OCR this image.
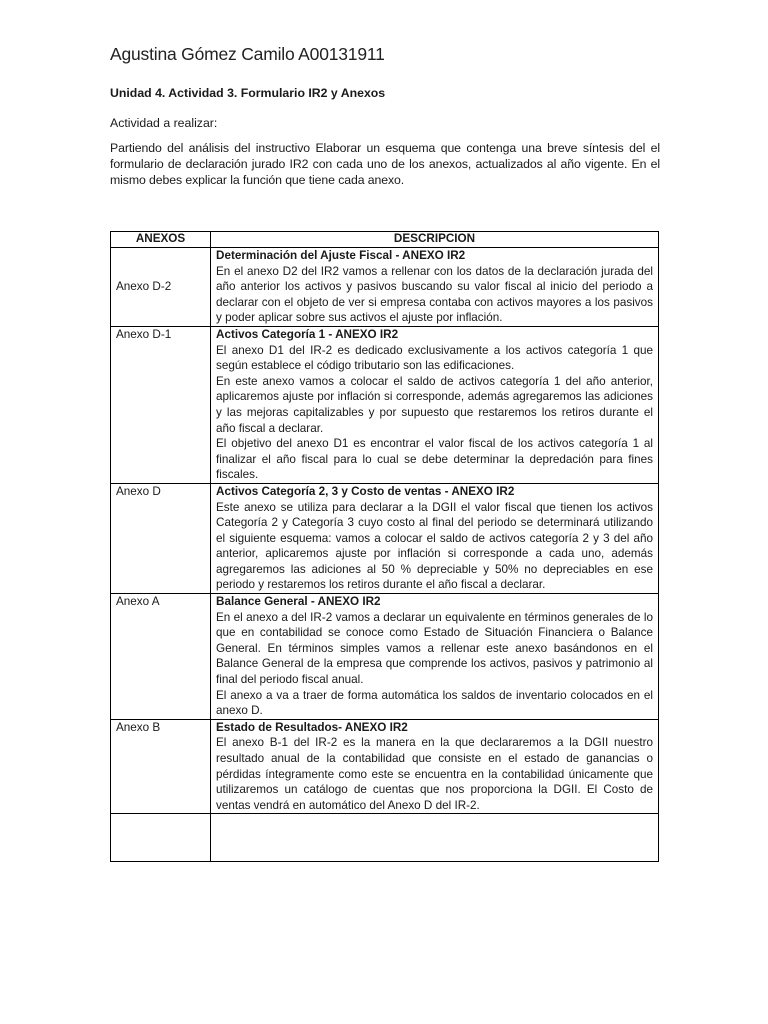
Agustina Gómez Camilo A00131911
Unidad 4. Actividad 3. Formulario IR2 y Anexos
Actividad a realizar:
Partiendo del análisis del instructivo Elaborar un esquema que contenga una breve síntesis del el formulario de declaración jurado IR2 con cada uno de los anexos, actualizados al año vigente. En el mismo debes explicar la función que tiene cada anexo.
ANEXOS	DESCRIPCION
Anexo D-2	Determinación del Ajuste Fiscal - ANEXO IR2

En el anexo D2 del IR2 vamos a rellenar con los datos de la declaración jurada del año anterior los activos y pasivos buscando su valor fiscal al inicio del periodo a declarar con el objeto de ver si empresa contaba con activos mayores a los pasivos y poder aplicar sobre sus activos el ajuste por inflación.

Anexo D-1	Activos Categoría 1 - ANEXO IR2

El anexo D1 del IR-2 es dedicado exclusivamente a los activos categoría 1 que según establece el código tributario son las edificaciones.

En este anexo vamos a colocar el saldo de activos categoría 1 del año anterior, aplicaremos ajuste por inflación si corresponde, además agregaremos las adiciones y las mejoras capitalizables y por supuesto que restaremos los retiros durante el año fiscal a declarar.

El objetivo del anexo D1 es encontrar el valor fiscal de los activos categoría 1 al finalizar el año fiscal para lo cual se debe determinar la depredación para fines fiscales.

Anexo D	Activos Categoría 2, 3 y Costo de ventas - ANEXO IR2

Este anexo se utiliza para declarar a la DGII el valor fiscal que tienen los activos Categoría 2 y Categoría 3 cuyo costo al final del periodo se determinará utilizando el siguiente esquema: vamos a colocar el saldo de activos categoría 2 y 3 del año anterior, aplicaremos ajuste por inflación si corresponde a cada uno, además agregaremos las adiciones al 50 % depreciable y 50% no depreciables en ese periodo y restaremos los retiros durante el año fiscal a declarar.

Anexo A	Balance General - ANEXO IR2

En el anexo a del IR-2 vamos a declarar un equivalente en términos generales de lo que en contabilidad se conoce como Estado de Situación Financiera o Balance General. En términos simples vamos a rellenar este anexo basándonos en el Balance General de la empresa que comprende los activos, pasivos y patrimonio al final del periodo fiscal anual.

El anexo a va a traer de forma automática los saldos de inventario colocados en el anexo D.

Anexo B	Estado de Resultados- ANEXO IR2

El anexo B-1 del IR-2 es la manera en la que declararemos a la DGII nuestro resultado anual de la contabilidad que consiste en el estado de ganancias o pérdidas íntegramente como este se encuentra en la contabilidad únicamente que utilizaremos un catálogo de cuentas que nos proporciona la DGII. El Costo de ventas vendrá en automático del Anexo D del IR-2.
